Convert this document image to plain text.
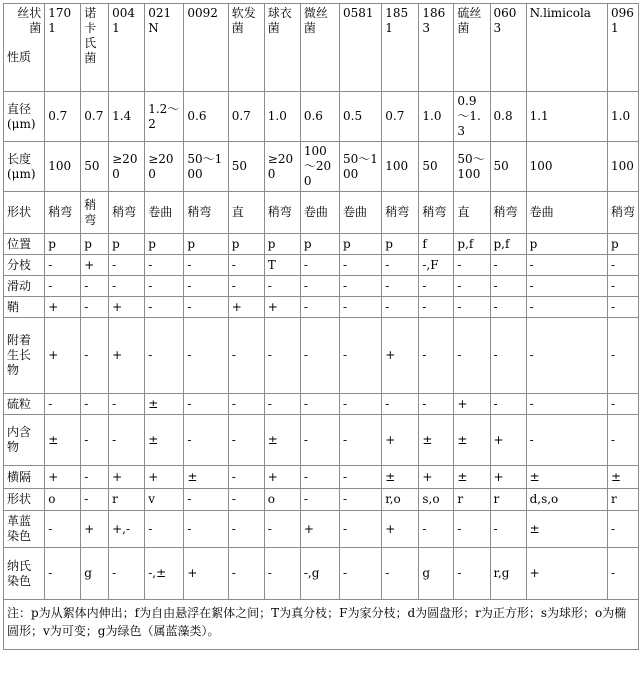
丝状菌
性质	1701	诺卡氏菌	0041	021N	0092	软发菌	球衣菌	微丝菌	0581	1851	1863	硫丝菌	0603	N.limicola	0961
直径(μm)	0.7	0.7	1.4	1.2～2	0.6	0.7	1.0	0.6	0.5	0.7	1.0	0.9～1.3	0.8	1.1	1.0
长度(μm)	100	50	≥200	≥200	50～100	50	≥200	100～200	50～100	100	50	50～100	50	100	100
形状	稍弯	稍弯	稍弯	卷曲	稍弯	直	稍弯	卷曲	卷曲	稍弯	稍弯	直	稍弯	卷曲	稍弯
位置	p	p	p	p	p	p	p	p	p	p	f	p,f	p,f	p	p
分枝	-	+	-	-	-	-	T	-	-	-	-,F	-	-	-	-
滑动	-	-	-	-	-	-	-	-	-	-	-	-	-	-	-
鞘	+	-	+	-	-	+	+	-	-	-	-	-	-	-	-
附着生长物	+	-	+	-	-	-	-	-	-	+	-	-	-	-	-
硫粒	-	-	-	±	-	-	-	-	-	-	-	+	-	-	-
内含物	±	-	-	±	-	-	±	-	-	+	±	±	+	-	-
横隔	+	-	+	+	±	-	+	-	-	±	+	±	+	±	±
形状	o	-	r	v	-	-	o	-	-	r,o	s,o	r	r	d,s,o	r
革蓝染色	-	+	+,-	-	-	-	-	+	-	+	-	-	-	±	-
纳氏染色	-	g	-	-,±	+	-	-	-,g	-	-	g	-	r,g	+	-
注：p为从絮体内伸出；f为自由悬浮在絮体之间；T为真分枝；F为家分枝；d为圆盘形；r为正方形；s为球形；o为椭圆形；v为可变；g为绿色（属蓝藻类）。
